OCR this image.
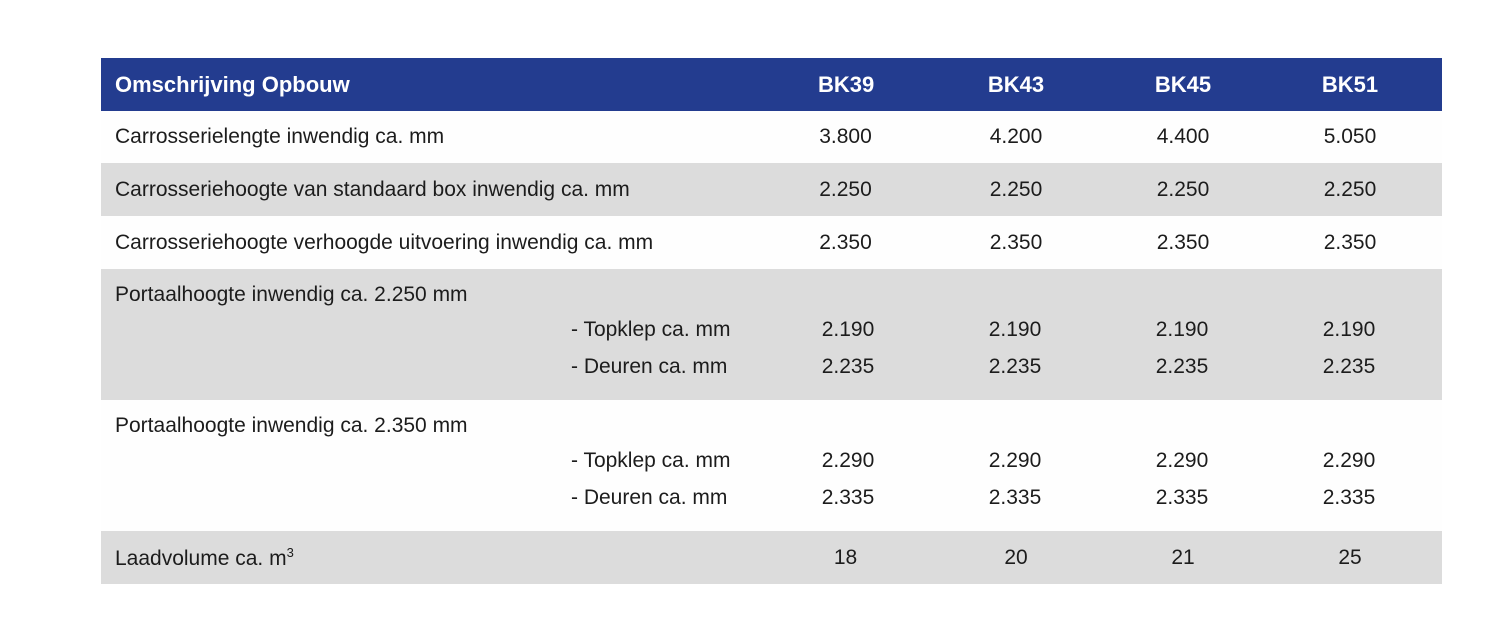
Omschrijving Opbouw	BK39	BK43	BK45	BK51
Carrosserielengte inwendig ca. mm	3.800	4.200	4.400	5.050
Carrosseriehoogte van standaard box inwendig ca. mm	2.250	2.250	2.250	2.250
Carrosseriehoogte verhoogde uitvoering inwendig ca. mm	2.350	2.350	2.350	2.350
Portaalhoogte inwendig ca. 2.250 mm
- Topklep ca. mm	2.190	2.190	2.190	2.190
- Deuren ca. mm	2.235	2.235	2.235	2.235
Portaalhoogte inwendig ca. 2.350 mm
- Topklep ca. mm	2.290	2.290	2.290	2.290
- Deuren ca. mm	2.335	2.335	2.335	2.335
Laadvolume ca. $m^3$	18	20	21	25
